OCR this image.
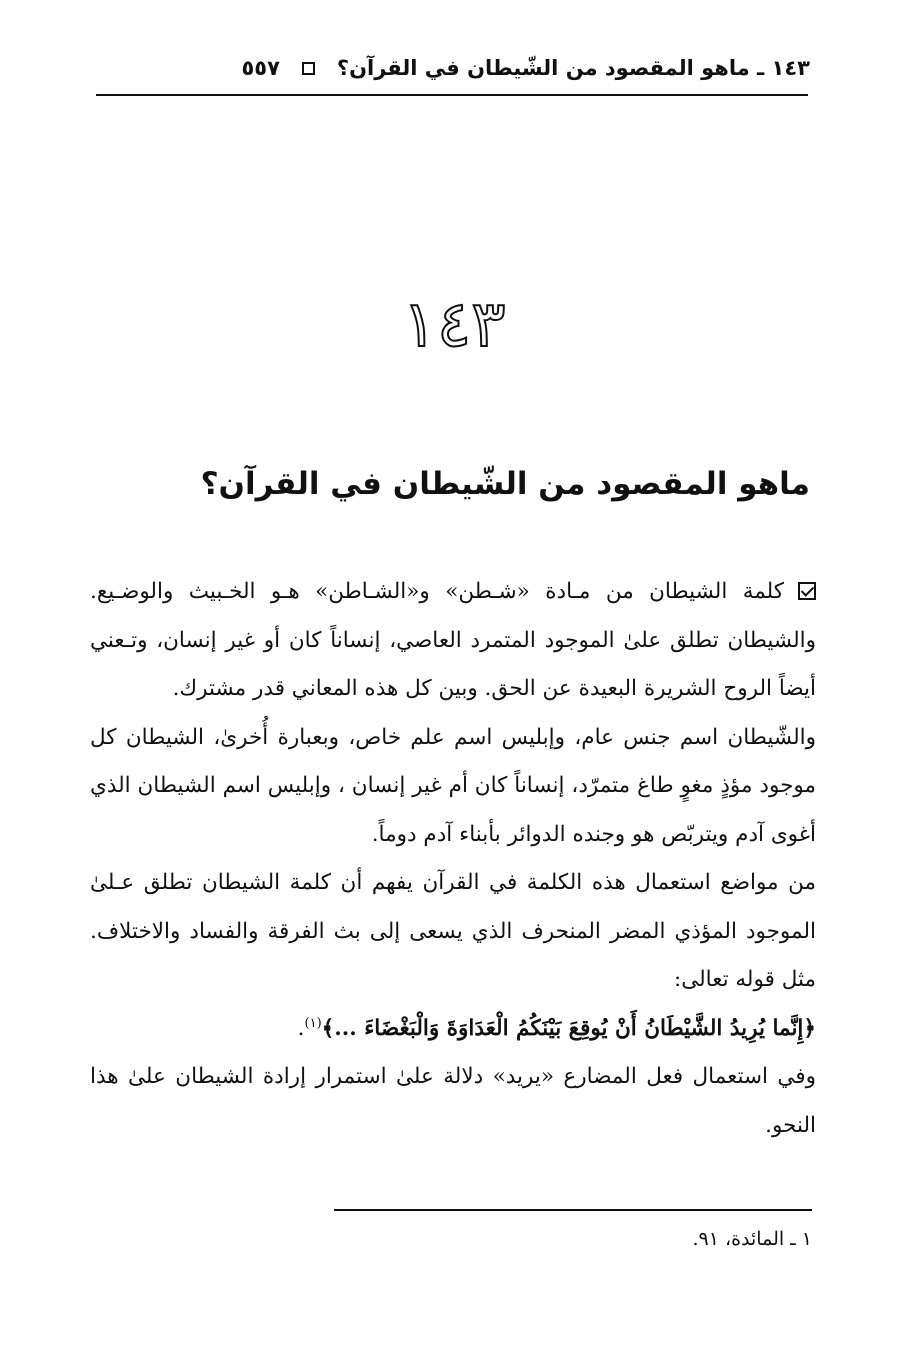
١٤٣ ـ ماهو المقصود من الشّيطان في القرآن؟
٥٥٧
١٤٣
ماهو المقصود من الشّيطان في القرآن؟

كلمة الشيطان من مـادة «شـطن» و«الشـاطن» هـو الخـبيث والوضـيع. والشيطان تطلق علىٰ الموجود المتمرد العاصي، إنساناً كان أو غير إنسان، وتـعني أيضاً الروح الشريرة البعيدة عن الحق. وبين كل هذه المعاني قدر مشترك.

والشّيطان اسم جنس عام، وإبليس اسم علم خاص، وبعبارة أُخرىٰ، الشيطان كل موجود مؤذٍ مغوٍ طاغ متمرّد، إنساناً كان أم غير إنسان ، وإبليس اسم الشيطان الذي أغوى آدم ويتربّص هو وجنده الدوائر بأبناء آدم دوماً.

من مواضع استعمال هذه الكلمة في القرآن يفهم أن كلمة الشيطان تطلق عـلىٰ الموجود المؤذي المضر المنحرف الذي يسعى إلى بث الفرقة والفساد والاختلاف. مثل قوله تعالى:

﴿إِنَّما يُرِيدُ الشَّيْطَانُ أَنْ يُوقِعَ بَيْنَكُمُ الْعَدَاوَةَ وَالْبَغْضَاءَ ...﴾$^{(١)}$.

وفي استعمال فعل المضارع «يريد» دلالة علىٰ استمرار إرادة الشيطان علىٰ هذا النحو.

١ ـ المائدة، ٩١.
